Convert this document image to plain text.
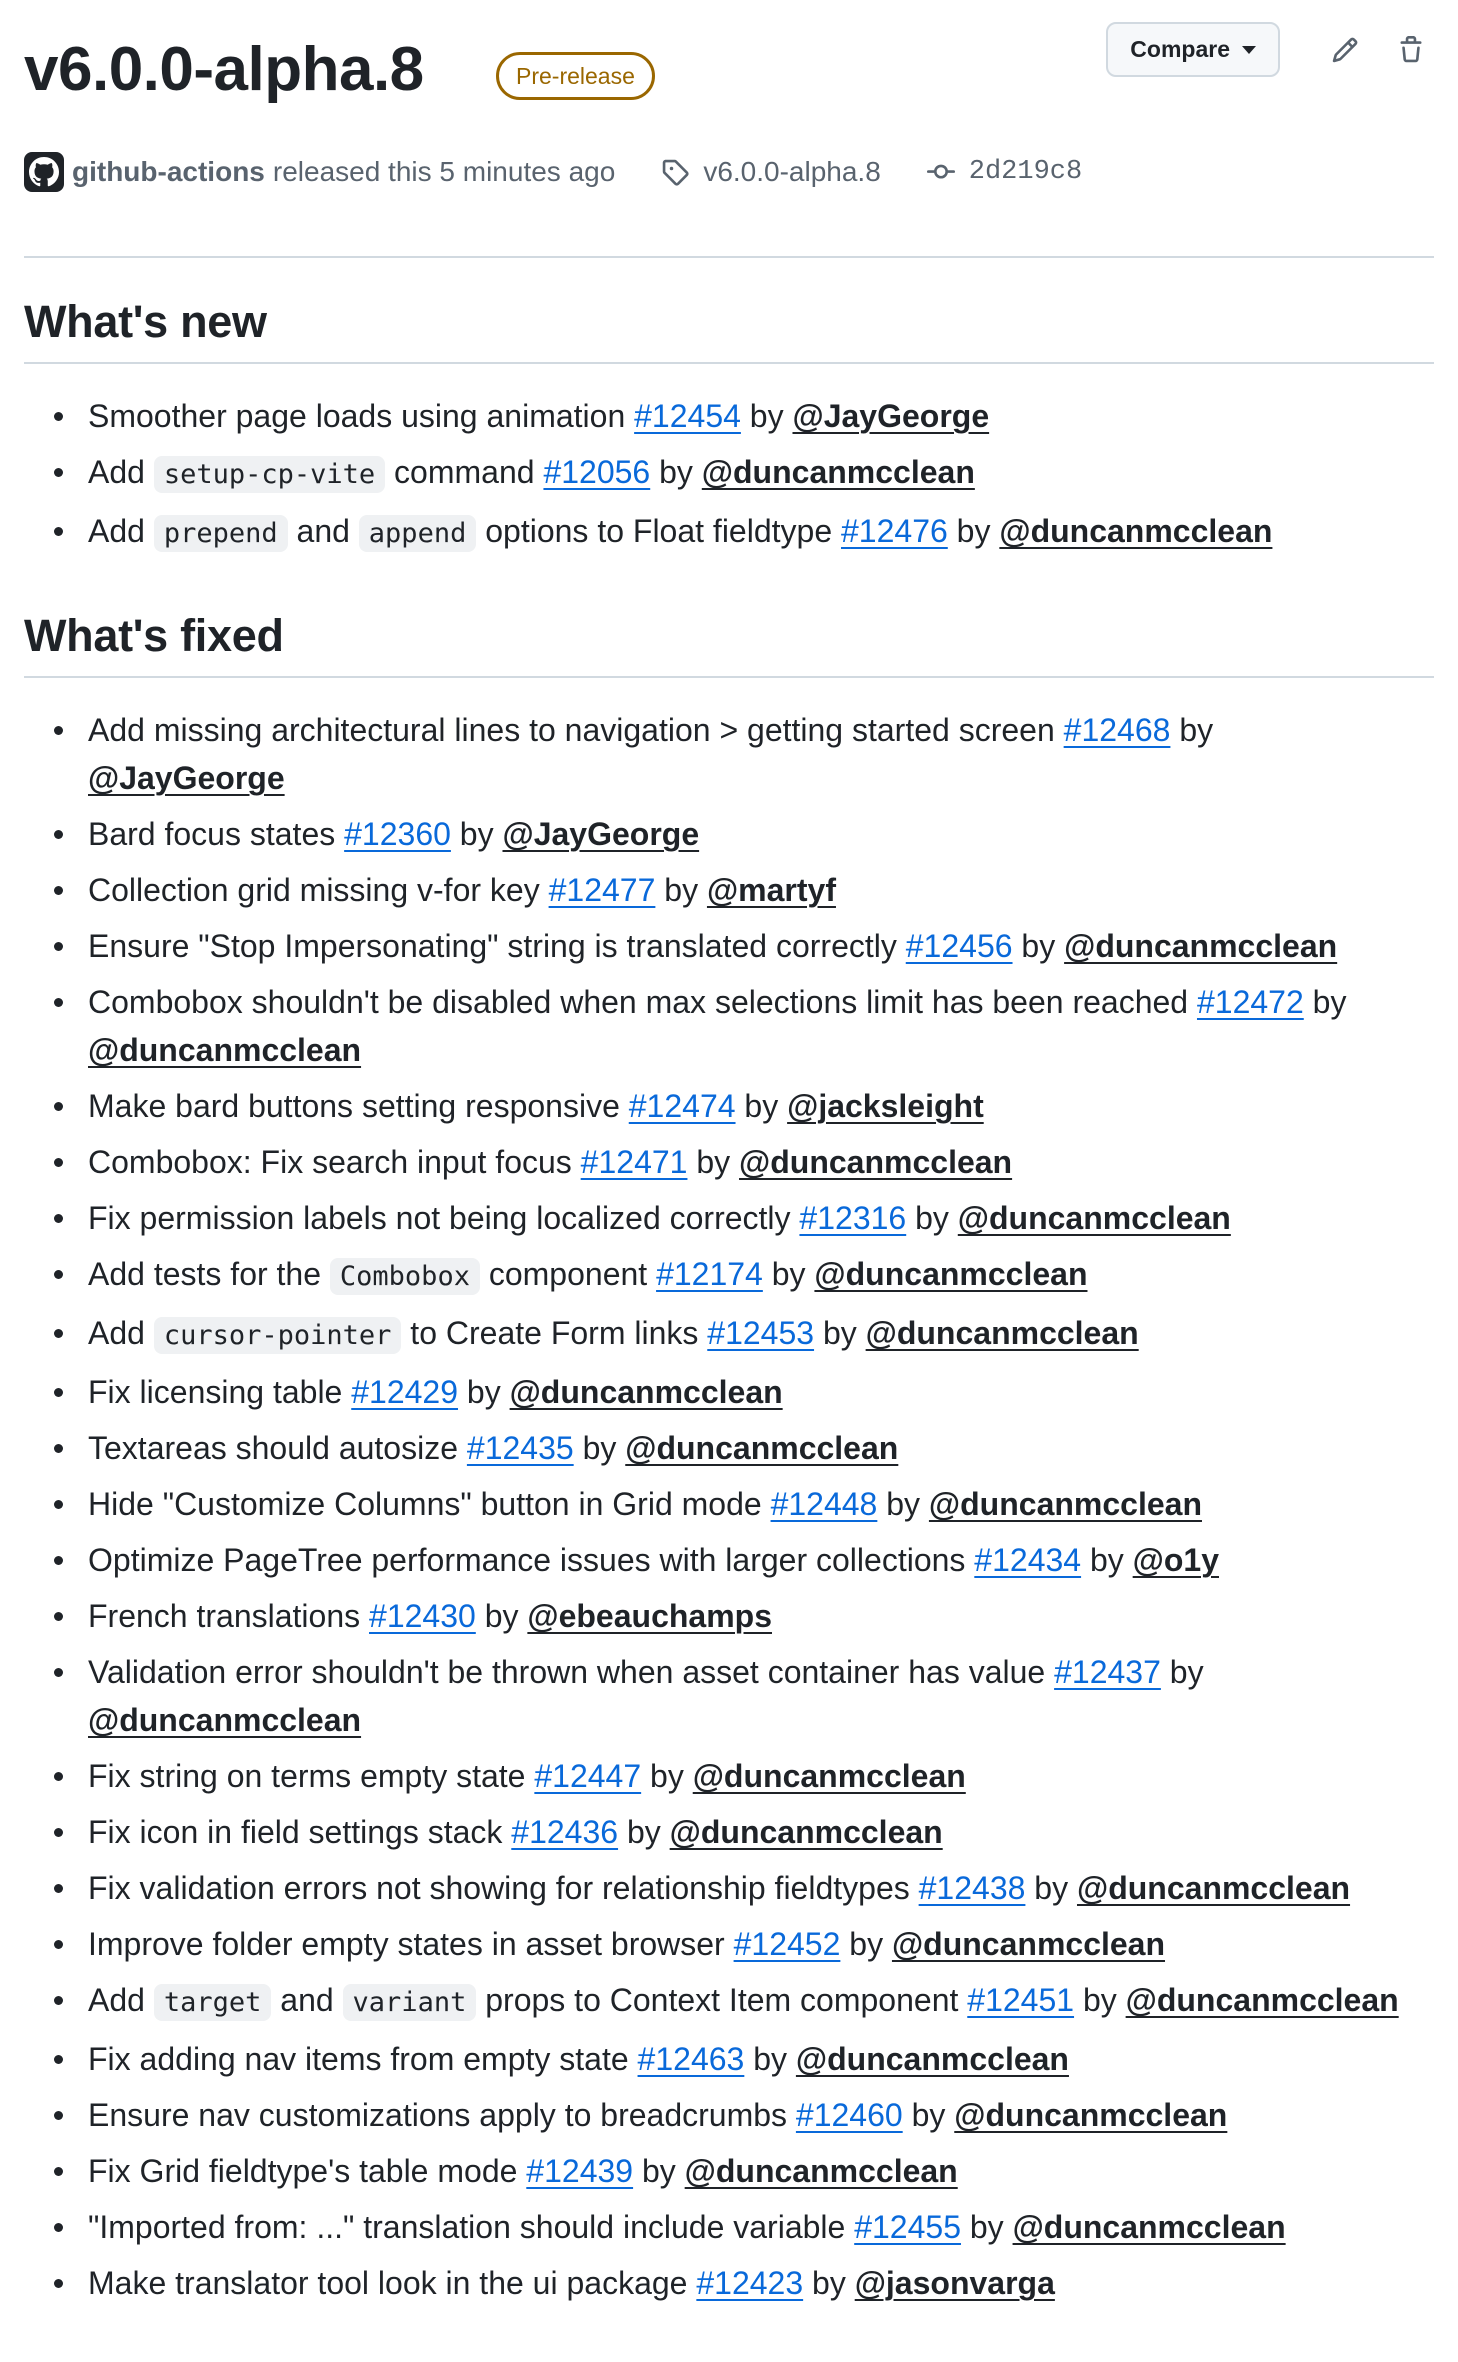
v6.0.0-alpha.8	Pre-release
Compare
github-actions released this 5 minutes ago	v6.0.0-alpha.8	2d219c8
What's new
Smoother page loads using animation #12454 by @JayGeorge
Add setup-cp-vite command #12056 by @duncanmcclean
Add prepend and append options to Float fieldtype #12476 by @duncanmcclean
What's fixed
Add missing architectural lines to navigation > getting started screen #12468 by @JayGeorge
Bard focus states #12360 by @JayGeorge
Collection grid missing v-for key #12477 by @martyf
Ensure "Stop Impersonating" string is translated correctly #12456 by @duncanmcclean
Combobox shouldn't be disabled when max selections limit has been reached #12472 by @duncanmcclean
Make bard buttons setting responsive #12474 by @jacksleight
Combobox: Fix search input focus #12471 by @duncanmcclean
Fix permission labels not being localized correctly #12316 by @duncanmcclean
Add tests for the Combobox component #12174 by @duncanmcclean
Add cursor-pointer to Create Form links #12453 by @duncanmcclean
Fix licensing table #12429 by @duncanmcclean
Textareas should autosize #12435 by @duncanmcclean
Hide "Customize Columns" button in Grid mode #12448 by @duncanmcclean
Optimize PageTree performance issues with larger collections #12434 by @o1y
French translations #12430 by @ebeauchamps
Validation error shouldn't be thrown when asset container has value #12437 by @duncanmcclean
Fix string on terms empty state #12447 by @duncanmcclean
Fix icon in field settings stack #12436 by @duncanmcclean
Fix validation errors not showing for relationship fieldtypes #12438 by @duncanmcclean
Improve folder empty states in asset browser #12452 by @duncanmcclean
Add target and variant props to Context Item component #12451 by @duncanmcclean
Fix adding nav items from empty state #12463 by @duncanmcclean
Ensure nav customizations apply to breadcrumbs #12460 by @duncanmcclean
Fix Grid fieldtype's table mode #12439 by @duncanmcclean
"Imported from: ..." translation should include variable #12455 by @duncanmcclean
Make translator tool look in the ui package #12423 by @jasonvarga
